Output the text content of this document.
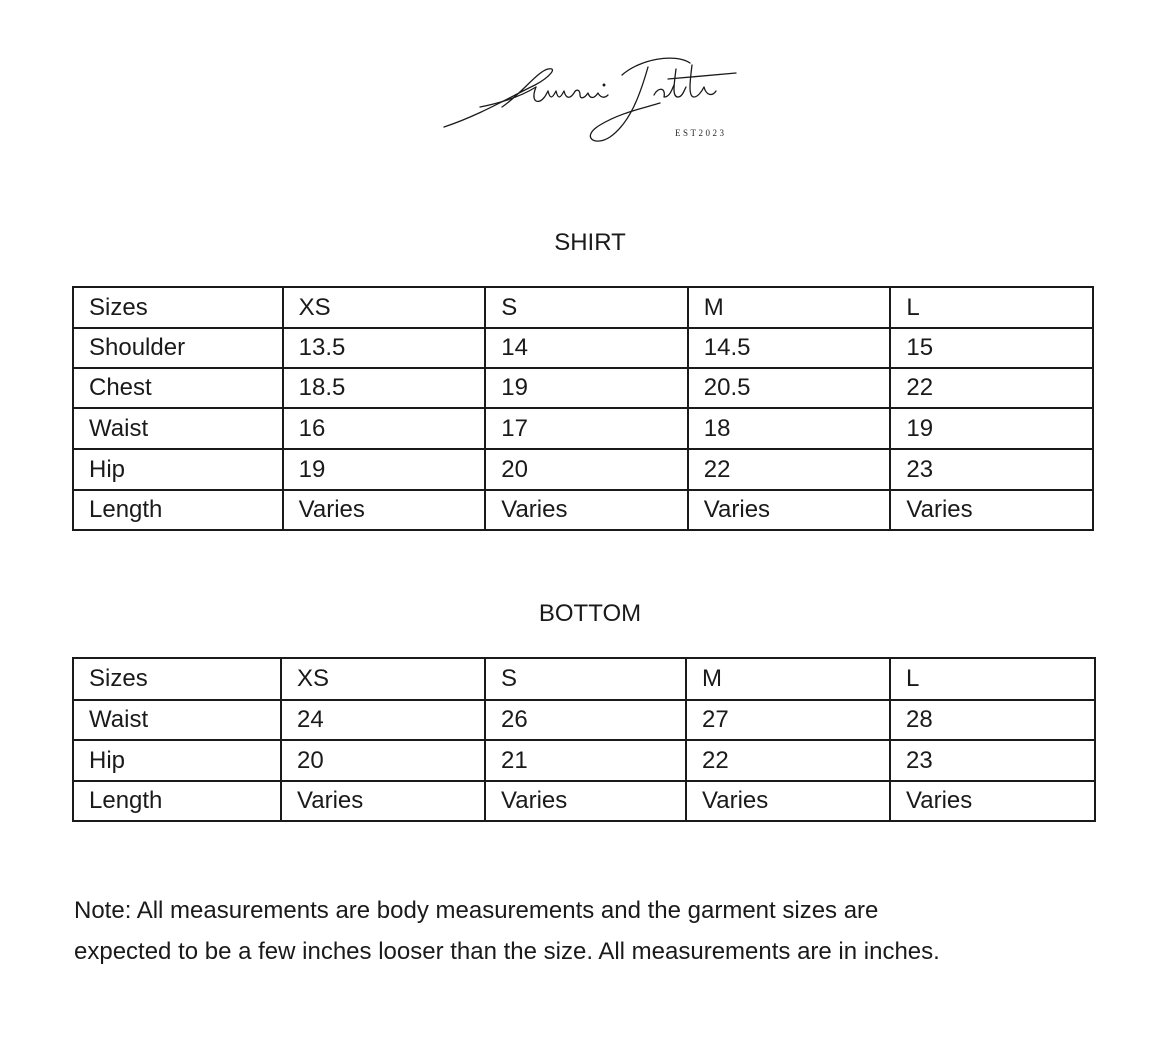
EST2023
SHIRT
Sizes	XS	S	M	L
Shoulder	13.5	14	14.5	15
Chest	18.5	19	20.5	22
Waist	16	17	18	19
Hip	19	20	22	23
Length	Varies	Varies	Varies	Varies
BOTTOM
Sizes	XS	S	M	L
Waist	24	26	27	28
Hip	20	21	22	23
Length	Varies	Varies	Varies	Varies
Note: All measurements are body measurements and the garment sizes are
expected to be a few inches looser than the size. All measurements are in inches.
